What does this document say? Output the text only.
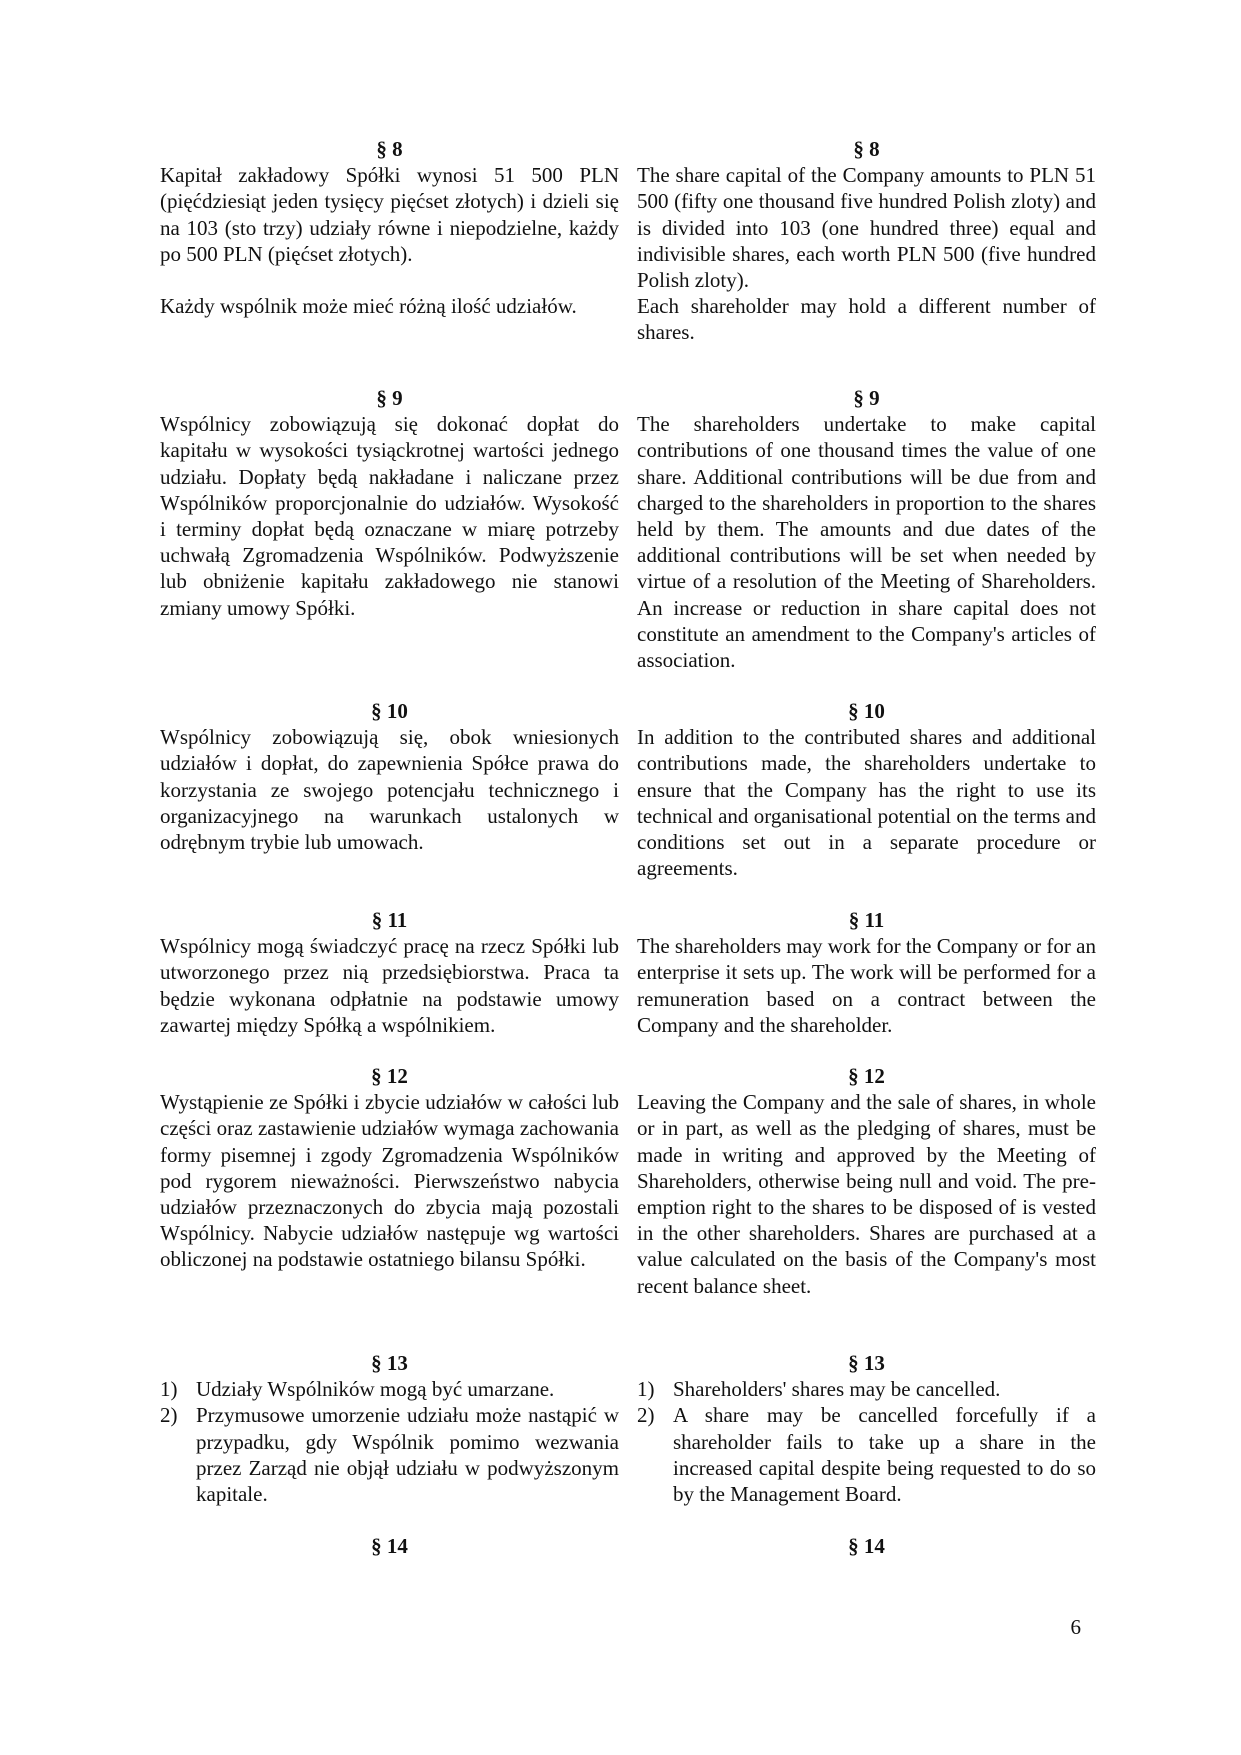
§ 8

Kapitał zakładowy Spółki wynosi 51 500 PLN (pięćdziesiąt jeden tysięcy pięćset złotych) i dzieli się na 103 (sto trzy) udziały równe i niepodzielne, każdy po 500 PLN (pięćset złotych).

Każdy wspólnik może mieć różną ilość udziałów.

§ 8

The share capital of the Company amounts to PLN 51 500 (fifty one thousand five hundred Polish zloty) and is divided into 103 (one hundred three) equal and indivisible shares, each worth PLN 500 (five hundred Polish zloty).

Each shareholder may hold a different number of shares.

§ 9

Wspólnicy zobowiązują się dokonać dopłat do kapitału w wysokości tysiąckrotnej wartości jednego udziału. Dopłaty będą nakładane i naliczane przez Wspólników proporcjonalnie do udziałów. Wysokość i terminy dopłat będą oznaczane w miarę potrzeby uchwałą Zgromadzenia Wspólników. Podwyższenie lub obniżenie kapitału zakładowego nie stanowi zmiany umowy Spółki.

§ 9

The shareholders undertake to make capital contributions of one thousand times the value of one share. Additional contributions will be due from and charged to the shareholders in proportion to the shares held by them. The amounts and due dates of the additional contributions will be set when needed by virtue of a resolution of the Meeting of Shareholders. An increase or reduction in share capital does not constitute an amendment to the Company's articles of association.

§ 10

Wspólnicy zobowiązują się, obok wniesionych udziałów i dopłat, do zapewnienia Spółce prawa do korzystania ze swojego potencjału technicznego i organizacyjnego na warunkach ustalonych w odrębnym trybie lub umowach.

§ 10

In addition to the contributed shares and additional contributions made, the shareholders undertake to ensure that the Company has the right to use its technical and organisational potential on the terms and conditions set out in a separate procedure or agreements.

§ 11

Wspólnicy mogą świadczyć pracę na rzecz Spółki lub utworzonego przez nią przedsiębiorstwa. Praca ta będzie wykonana odpłatnie na podstawie umowy zawartej między Spółką a wspólnikiem.

§ 11

The shareholders may work for the Company or for an enterprise it sets up. The work will be performed for a remuneration based on a contract between the Company and the shareholder.

§ 12

Wystąpienie ze Spółki i zbycie udziałów w całości lub części oraz zastawienie udziałów wymaga zachowania formy pisemnej i zgody Zgromadzenia Wspólników pod rygorem nieważności. Pierwszeństwo nabycia udziałów przeznaczonych do zbycia mają pozostali Wspólnicy. Nabycie udziałów następuje wg wartości obliczonej na podstawie ostatniego bilansu Spółki.

§ 12

Leaving the Company and the sale of shares, in whole or in part, as well as the pledging of shares, must be made in writing and approved by the Meeting of Shareholders, otherwise being null and void. The pre-emption right to the shares to be disposed of is vested in the other shareholders. Shares are purchased at a value calculated on the basis of the Company's most recent balance sheet.

§ 13

1) Udziały Wspólników mogą być umarzane.
2) Przymusowe umorzenie udziału może nastąpić w przypadku, gdy Wspólnik pomimo wezwania przez Zarząd nie objął udziału w podwyższonym kapitale.

§ 13

1) Shareholders' shares may be cancelled.
2) A share may be cancelled forcefully if a shareholder fails to take up a share in the increased capital despite being requested to do so by the Management Board.

§ 14	§ 14

6
